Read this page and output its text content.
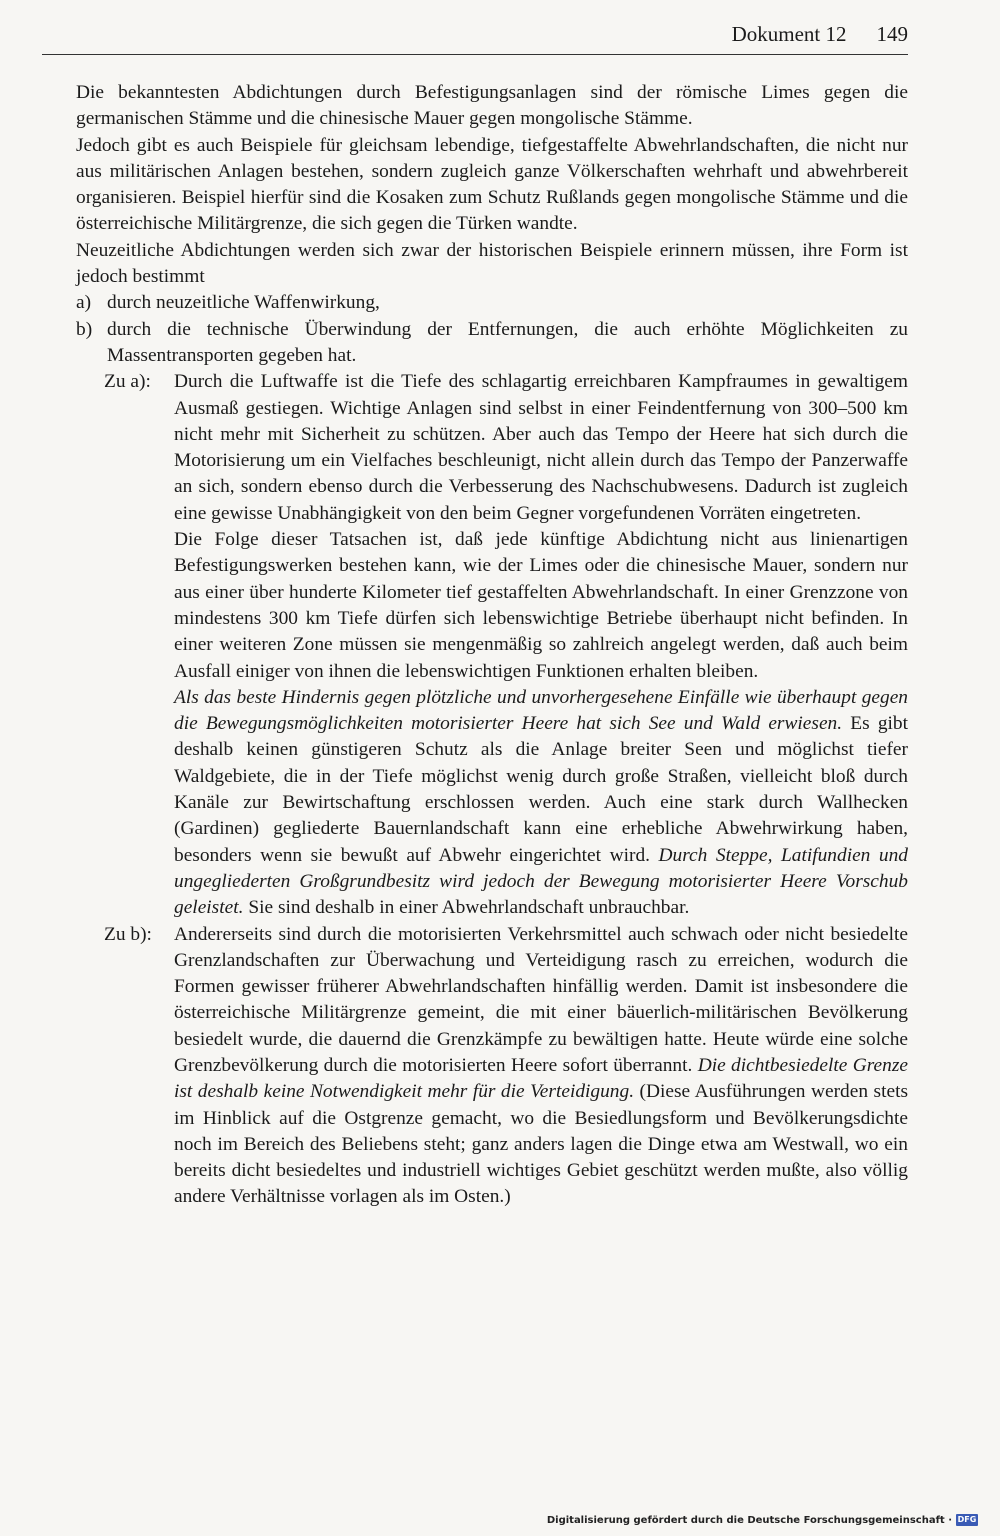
Dokument 12 149

Die bekanntesten Abdichtungen durch Befestigungsanlagen sind der römische Limes gegen die germanischen Stämme und die chinesische Mauer gegen mongolische Stämme.

Jedoch gibt es auch Beispiele für gleichsam lebendige, tiefgestaffelte Abwehrlandschaften, die nicht nur aus militärischen Anlagen bestehen, sondern zugleich ganze Völkerschaften wehrhaft und abwehrbereit organisieren. Beispiel hierfür sind die Kosaken zum Schutz Rußlands gegen mongolische Stämme und die österreichische Militärgrenze, die sich gegen die Türken wandte.

Neuzeitliche Abdichtungen werden sich zwar der historischen Beispiele erinnern müssen, ihre Form ist jedoch bestimmt

a) durch neuzeitliche Waffenwirkung,
b) durch die technische Überwindung der Entfernungen, die auch erhöhte Möglichkeiten zu Massentransporten gegeben hat.
Zu a):	Durch die Luftwaffe ist die Tiefe des schlagartig erreichbaren Kampfraumes in gewaltigem Ausmaß gestiegen. Wichtige Anlagen sind selbst in einer Feindentfernung von 300–500 km nicht mehr mit Sicherheit zu schützen. Aber auch das Tempo der Heere hat sich durch die Motorisierung um ein Vielfaches beschleunigt, nicht allein durch das Tempo der Panzerwaffe an sich, sondern ebenso durch die Verbesserung des Nachschubwesens. Dadurch ist zugleich eine gewisse Unabhängigkeit von den beim Gegner vorgefundenen Vorräten eingetreten.

Die Folge dieser Tatsachen ist, daß jede künftige Abdichtung nicht aus linienartigen Befestigungswerken bestehen kann, wie der Limes oder die chinesische Mauer, sondern nur aus einer über hunderte Kilometer tief gestaffelten Abwehrlandschaft. In einer Grenzzone von mindestens 300 km Tiefe dürfen sich lebenswichtige Betriebe überhaupt nicht befinden. In einer weiteren Zone müssen sie mengenmäßig so zahlreich angelegt werden, daß auch beim Ausfall einiger von ihnen die lebenswichtigen Funktionen erhalten bleiben.

Als das beste Hindernis gegen plötzliche und unvorhergesehene Einfälle wie überhaupt gegen die Bewegungsmöglichkeiten motorisierter Heere hat sich See und Wald erwiesen. Es gibt deshalb keinen günstigeren Schutz als die Anlage breiter Seen und möglichst tiefer Waldgebiete, die in der Tiefe möglichst wenig durch große Straßen, vielleicht bloß durch Kanäle zur Bewirtschaftung erschlossen werden. Auch eine stark durch Wallhecken (Gardinen) gegliederte Bauernlandschaft kann eine erhebliche Abwehrwirkung haben, besonders wenn sie bewußt auf Abwehr eingerichtet wird. Durch Steppe, Latifundien und ungegliederten Großgrundbesitz wird jedoch der Bewegung motorisierter Heere Vorschub geleistet. Sie sind deshalb in einer Abwehrlandschaft unbrauchbar.

Zu b):	Andererseits sind durch die motorisierten Verkehrsmittel auch schwach oder nicht besiedelte Grenzlandschaften zur Überwachung und Verteidigung rasch zu erreichen, wodurch die Formen gewisser früherer Abwehrlandschaften hinfällig werden. Damit ist insbesondere die österreichische Militärgrenze gemeint, die mit einer bäuerlich-militärischen Bevölkerung besiedelt wurde, die dauernd die Grenzkämpfe zu bewältigen hatte. Heute würde eine solche Grenzbevölkerung durch die motorisierten Heere sofort überrannt. Die dichtbesiedelte Grenze ist deshalb keine Notwendigkeit mehr für die Verteidigung. (Diese Ausführungen werden stets im Hinblick auf die Ostgrenze gemacht, wo die Besiedlungsform und Bevölkerungsdichte noch im Bereich des Beliebens steht; ganz anders lagen die Dinge etwa am Westwall, wo ein bereits dicht besiedeltes und industriell wichtiges Gebiet geschützt werden mußte, also völlig andere Verhältnisse vorlagen als im Osten.)

Digitalisierung gefördert durch die Deutsche Forschungsgemeinschaft · DFG
